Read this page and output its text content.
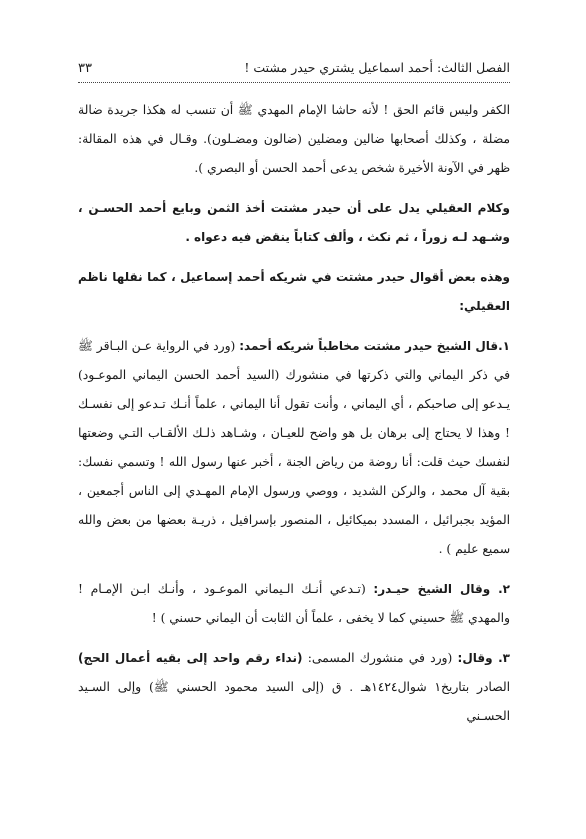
الفصل الثالث: أحمد اسماعيل يشتري حيدر مشتت !
٣٣

الكفر وليس قائم الحق ! لأنه حاشا الإمام المهدي ﷺ أن تنسب له هكذا جريدة ضالة مضلة ، وكذلك أصحابها ضالين ومضلين (ضالون ومضـلون). وقـال في هذه المقالة: ظهر في الآونة الأخيرة شخص يدعى أحمد الحسن أو البصري ).

وكلام العقيلي يدل على أن حيدر مشتت أخذ الثمن وبايع أحمد الحسـن ، وشـهد لـه زوراً ، ثم نكث ، وألف كتاباً ينقض فيه دعواه .

وهذه بعض أقوال حيدر مشتت في شريكه أحمد إسماعيل ، كما نقلها ناظم العقيلي:

١.قال الشيخ حيدر مشتت مخاطباً شريكه أحمد: (ورد في الرواية عـن البـاقر ﷺ في ذكر اليماني والتي ذكرتها في منشورك (السيد أحمد الحسن اليماني الموعـود) يـدعو إلى صاحبكم ، أي اليماني ، وأنت تقول أنا اليماني ، علماً أنـك تـدعو إلى نفسـك ! وهذا لا يحتاج إلى برهان بل هو واضح للعيـان ، وشـاهد ذلـك الألقـاب التـي وضعتها لنفسك حيث قلت: أنا روضة من رياض الجنة ، أخبر عنها رسول الله ! وتسمي نفسك: بقية آل محمد ، والركن الشديد ، ووصي ورسول الإمام المهـدي إلى الناس أجمعين ، المؤيد بجبرائيل ، المسدد بميكائيل ، المنصور بإسرافيل ، ذريـة بعضها من بعض والله سميع عليم ) .

٢. وقال الشيخ حيـدر: (تـدعي أنـك الـيماني الموعـود ، وأنـك ابـن الإمـام ! والمهدي ﷺ حسيني كما لا يخفى ، علماً أن الثابت أن اليماني حسني ) !

٣. وقال: (ورد في منشورك المسمى: (نداء رقم واحد إلى بقيه أعمال الحج) الصادر بتاريخ١ شوال١٤٢٤هـ . ق (إلى السيد محمود الحسني ﷺ) وإلى السـيد الحسـني
